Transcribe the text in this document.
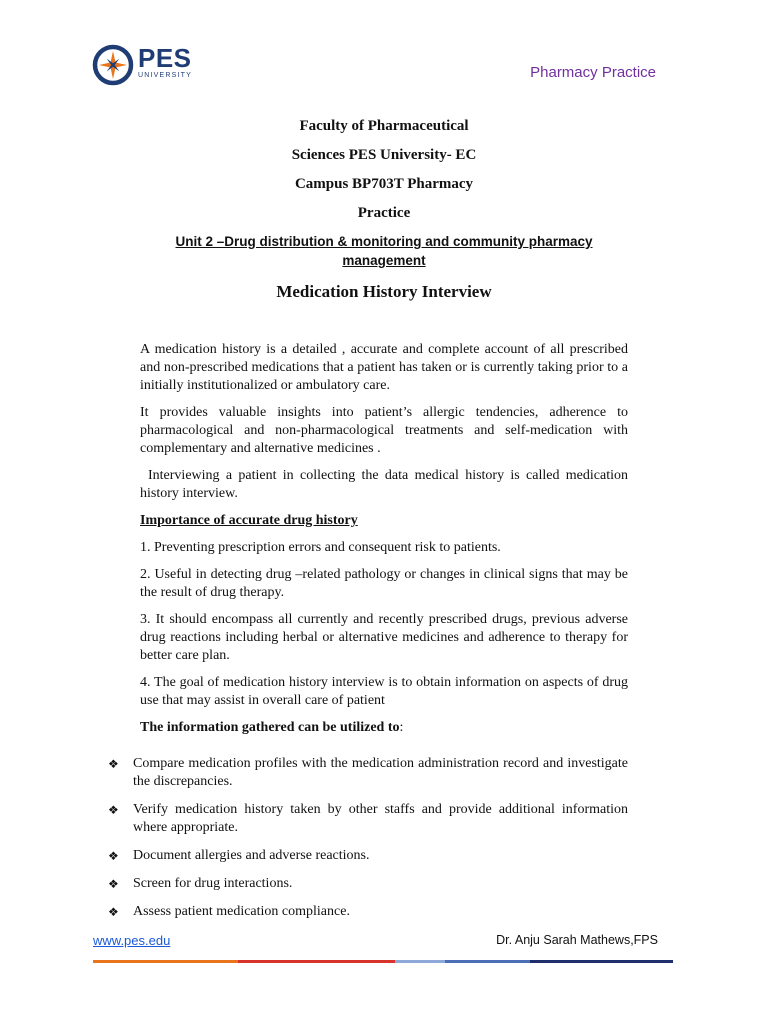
PES
UNIVERSITY	Pharmacy Practice
Faculty of Pharmaceutical
Sciences PES University- EC
Campus BP703T Pharmacy
Practice
Unit 2 –Drug distribution & monitoring and community pharmacy
management
Medication History Interview

A medication history is a detailed , accurate and complete account of all prescribed and non-prescribed medications that a patient has taken or is currently taking prior to a initially institutionalized or ambulatory care.

It provides valuable insights into patient’s allergic tendencies, adherence to pharmacological and non-pharmacological treatments and self-medication with complementary and alternative medicines .

Interviewing a patient in collecting the data medical history is called medication history interview.

Importance of accurate drug history

1. Preventing prescription errors and consequent risk to patients.

2. Useful in detecting drug –related pathology or changes in clinical signs that may be the result of drug therapy.

3. It should encompass all currently and recently prescribed drugs, previous adverse drug reactions including herbal or alternative medicines and adherence to therapy for better care plan.

4. The goal of medication history interview is to obtain information on aspects of drug use that may assist in overall care of patient

The information gathered can be utilized to:

❖	Compare medication profiles with the medication administration record and investigate the discrepancies.
❖	Verify medication history taken by other staffs and provide additional information where appropriate.
❖	Document allergies and adverse reactions.
❖	Screen for drug interactions.
❖	Assess patient medication compliance.
www.pes.edu	Dr. Anju Sarah Mathews,FPS
